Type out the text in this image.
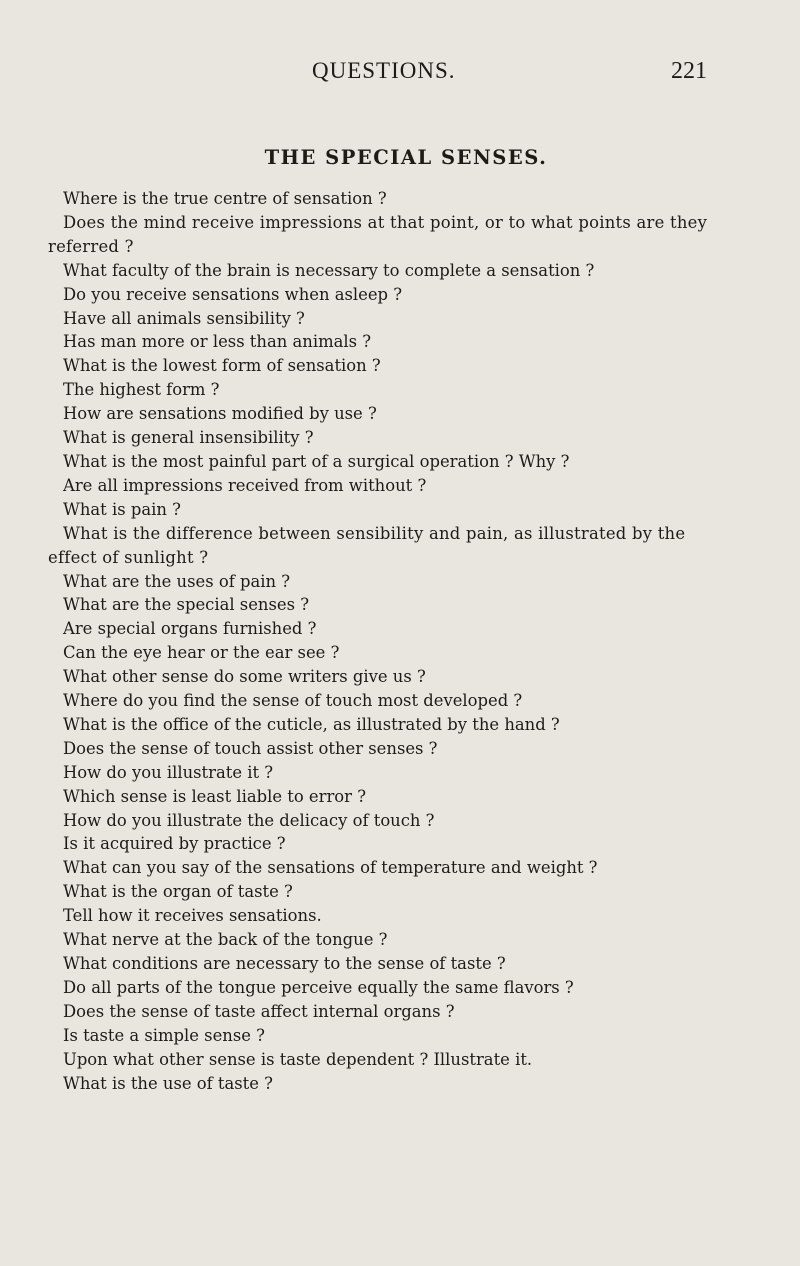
QUESTIONS.	221
THE SPECIAL SENSES.
Where is the true centre of sensation ?
Does the mind receive impressions at that point, or to what points are they referred ?
What faculty of the brain is necessary to complete a sensation ?
Do you receive sensations when asleep ?
Have all animals sensibility ?
Has man more or less than animals ?
What is the lowest form of sensation ?
The highest form ?
How are sensations modified by use ?
What is general insensibility ?
What is the most painful part of a surgical operation ? Why ?
Are all impressions received from without ?
What is pain ?
What is the difference between sensibility and pain, as illustrated by the effect of sunlight ?
What are the uses of pain ?
What are the special senses ?
Are special organs furnished ?
Can the eye hear or the ear see ?
What other sense do some writers give us ?
Where do you find the sense of touch most developed ?
What is the office of the cuticle, as illustrated by the hand ?
Does the sense of touch assist other senses ?
How do you illustrate it ?
Which sense is least liable to error ?
How do you illustrate the delicacy of touch ?
Is it acquired by practice ?
What can you say of the sensations of temperature and weight ?
What is the organ of taste ?
Tell how it receives sensations.
What nerve at the back of the tongue ?
What conditions are necessary to the sense of taste ?
Do all parts of the tongue perceive equally the same flavors ?
Does the sense of taste affect internal organs ?
Is taste a simple sense ?
Upon what other sense is taste dependent ? Illustrate it.
What is the use of taste ?
